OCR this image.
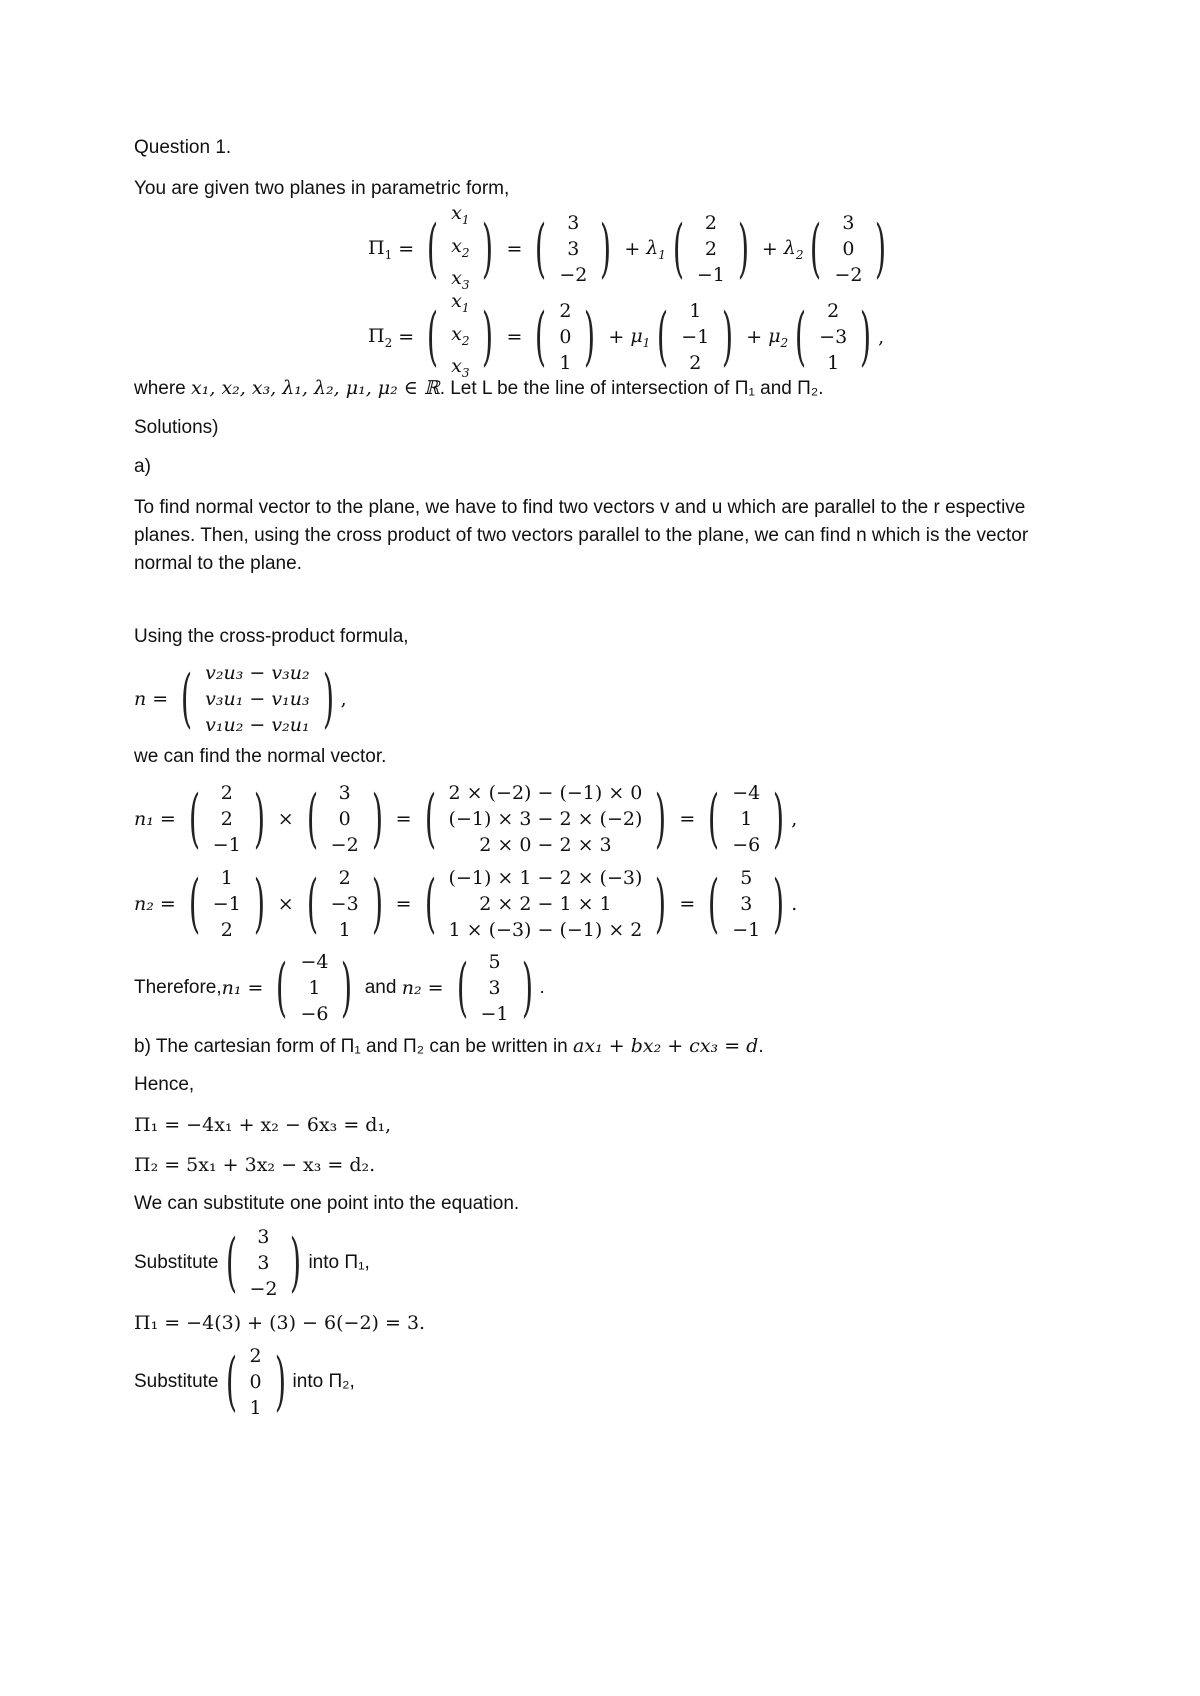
Question 1.
You are given two planes in parametric form,
$\Pi_1$ = ( $x_1$
$x_2$
$x_3$ ) = ( 3
3
−2 ) + $\lambda_1$ ( 2
2
−1 ) + $\lambda_2$ ( 3
0
−2 )
$\Pi_2$ = ( $x_1$
$x_2$
$x_3$ ) = ( 2
0
1 ) + $\mu_1$ ( 1
−1
2 ) + $\mu_2$ ( 2
−3
1 ) ,
where x₁, x₂, x₃, λ₁, λ₂, μ₁, μ₂ ∈ ℝ. Let L be the line of intersection of Π₁ and Π₂.
Solutions)
a)
To find normal vector to the plane, we have to find two vectors v and u which are parallel to the r espective planes. Then, using the cross product of two vectors parallel to the plane, we can find n which is the vector normal to the plane.
Using the cross-product formula,
n = ( v₂u₃ − v₃u₂
v₃u₁ − v₁u₃
v₁u₂ − v₂u₁ ) ,
we can find the normal vector.
n₁ = ( 2
2
−1 ) × ( 3
0
−2 ) = ( 2 × (−2) − (−1) × 0
(−1) × 3 − 2 × (−2)
2 × 0 − 2 × 3 ) = ( −4
1
−6 ) ,
n₂ = ( 1
−1
2 ) × ( 2
−3
1 ) = ( (−1) × 1 − 2 × (−3)
2 × 2 − 1 × 1
1 × (−3) − (−1) × 2 ) = ( 5
3
−1 ) .
Therefore, n₁ = ( −4
1
−6 ) and n₂ = ( 5
3
−1 ) .
b) The cartesian form of Π₁ and Π₂ can be written in ax₁ + bx₂ + cx₃ = d.
Hence,
Π₁ = −4x₁ + x₂ − 6x₃ = d₁,
Π₂ = 5x₁ + 3x₂ − x₃ = d₂.
We can substitute one point into the equation.
Substitute ( 3
3
−2 ) into Π₁,
Π₁ = −4(3) + (3) − 6(−2) = 3.
Substitute ( 2
0
1 ) into Π₂,
